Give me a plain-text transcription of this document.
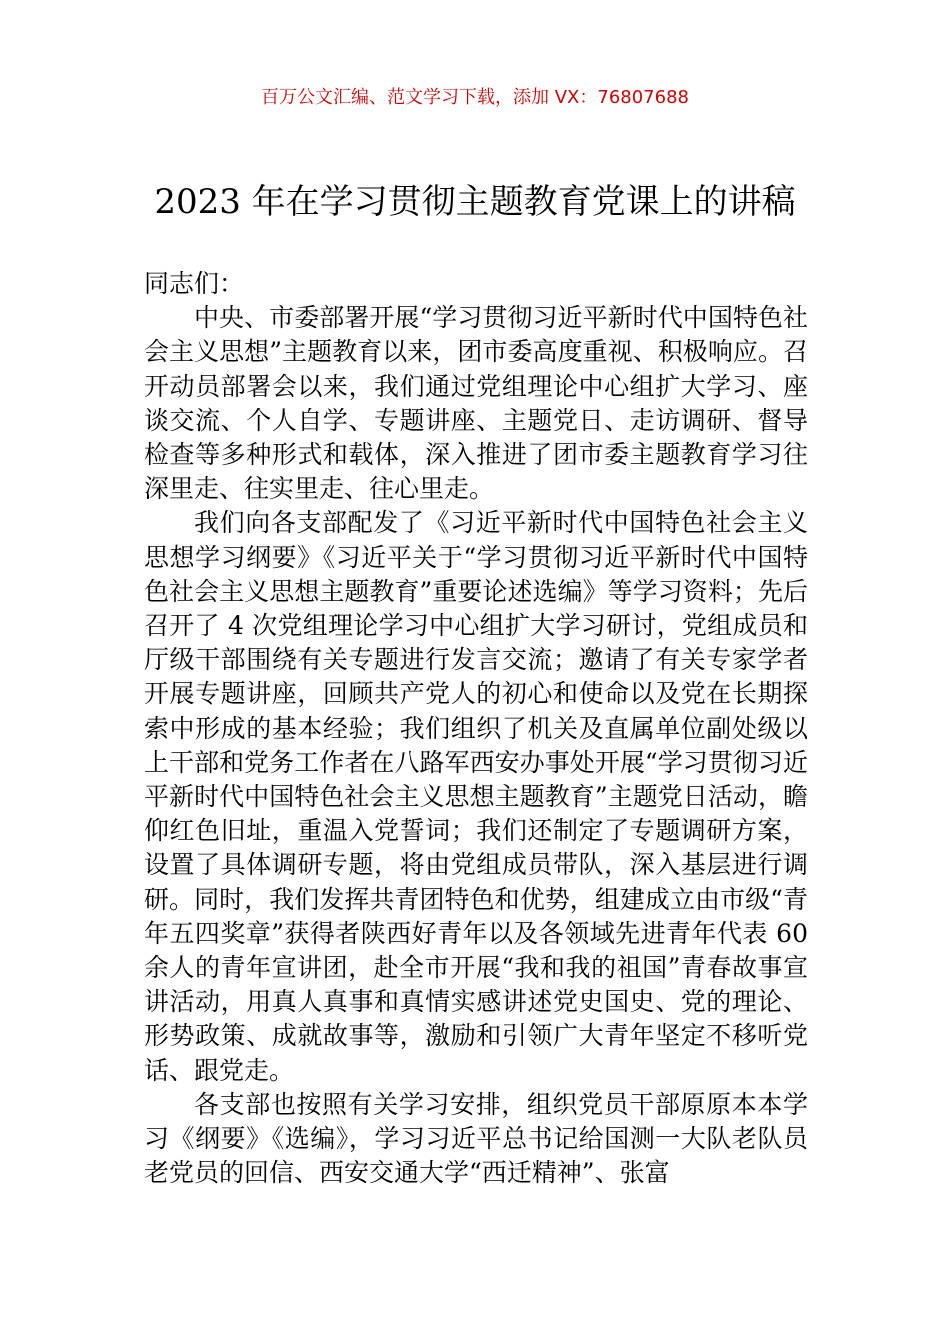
百万公文汇编、范文学习下载，添加 VX：76807688
2023 年在学习贯彻主题教育党课上的讲稿

同志们：

中央、市委部署开展“学习贯彻习近平新时代中国特色社会主义思想”主题教育以来，团市委高度重视、积极响应。召开动员部署会以来，我们通过党组理论中心组扩大学习、座谈交流、个人自学、专题讲座、主题党日、走访调研、督导检查等多种形式和载体，深入推进了团市委主题教育学习往深里走、往实里走、往心里走。

我们向各支部配发了《习近平新时代中国特色社会主义思想学习纲要》《习近平关于“学习贯彻习近平新时代中国特色社会主义思想主题教育”重要论述选编》等学习资料；先后召开了 4 次党组理论学习中心组扩大学习研讨，党组成员和厅级干部围绕有关专题进行发言交流；邀请了有关专家学者开展专题讲座，回顾共产党人的初心和使命以及党在长期探索中形成的基本经验；我们组织了机关及直属单位副处级以上干部和党务工作者在八路军西安办事处开展“学习贯彻习近平新时代中国特色社会主义思想主题教育”主题党日活动，瞻仰红色旧址，重温入党誓词；我们还制定了专题调研方案，设置了具体调研专题，将由党组成员带队，深入基层进行调研。同时，我们发挥共青团特色和优势，组建成立由市级“青年五四奖章”获得者陕西好青年以及各领域先进青年代表 60 余人的青年宣讲团，赴全市开展“我和我的祖国”青春故事宣讲活动，用真人真事和真情实感讲述党史国史、党的理论、形势政策、成就故事等，激励和引领广大青年坚定不移听党话、跟党走。

各支部也按照有关学习安排，组织党员干部原原本本学习《纲要》《选编》，学习习近平总书记给国测一大队老队员老党员的回信、西安交通大学“西迁精神”、张富
